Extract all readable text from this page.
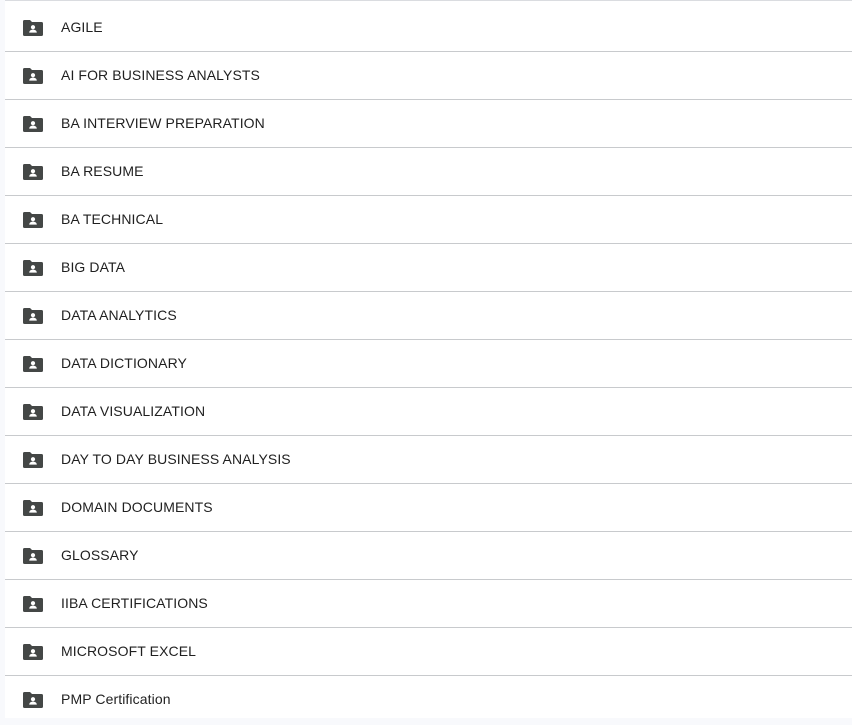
AGILE
AI FOR BUSINESS ANALYSTS
BA INTERVIEW PREPARATION
BA RESUME
BA TECHNICAL
BIG DATA
DATA ANALYTICS
DATA DICTIONARY
DATA VISUALIZATION
DAY TO DAY BUSINESS ANALYSIS
DOMAIN DOCUMENTS
GLOSSARY
IIBA CERTIFICATIONS
MICROSOFT EXCEL
PMP Certification
